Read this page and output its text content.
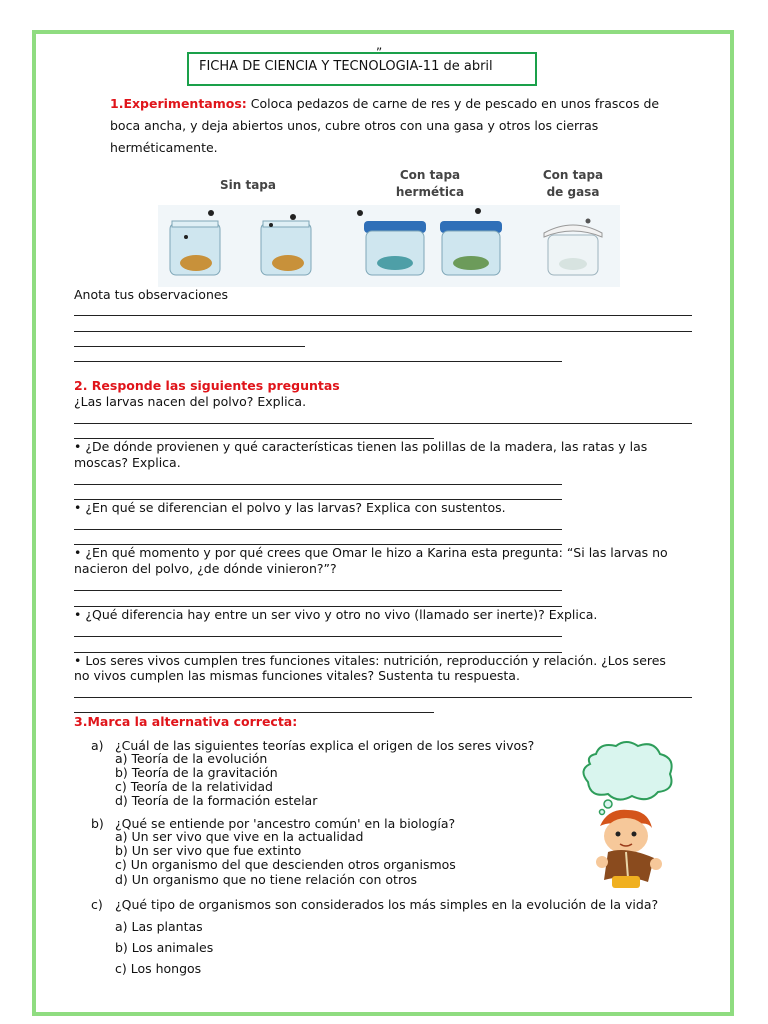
„
FICHA DE CIENCIA Y TECNOLOGIA-11 de abril
1.Experimentamos: Coloca pedazos de carne de res y de pescado en unos frascos de
boca ancha, y deja abiertos unos, cubre otros con una gasa y otros los cierras
herméticamente.
Sin tapa
Con tapa
hermética
Con tapa
de gasa
Anota tus observaciones
2. Responde las siguientes preguntas
¿Las larvas nacen del polvo? Explica.
• ¿De dónde provienen y qué características tienen las polillas de la madera, las ratas y las
moscas? Explica.
• ¿En qué se diferencian el polvo y las larvas? Explica con sustentos.
• ¿En qué momento y por qué crees que Omar le hizo a Karina esta pregunta: “Si las larvas no
nacieron del polvo, ¿de dónde vinieron?”?
• ¿Qué diferencia hay entre un ser vivo y otro no vivo (llamado ser inerte)? Explica.
• Los seres vivos cumplen tres funciones vitales: nutrición, reproducción y relación. ¿Los seres
no vivos cumplen las mismas funciones vitales? Sustenta tu respuesta.
3.Marca la alternativa correcta:
a) ¿Cuál de las siguientes teorías explica el origen de los seres vivos?
a) Teoría de la evolución
b) Teoría de la gravitación
c) Teoría de la relatividad
d) Teoría de la formación estelar
b) ¿Qué se entiende por 'ancestro común' en la biología?
a) Un ser vivo que vive en la actualidad
b) Un ser vivo que fue extinto
c) Un organismo del que descienden otros organismos
d) Un organismo que no tiene relación con otros
c) ¿Qué tipo de organismos son considerados los más simples en la evolución de la vida?
a) Las plantas
b) Los animales
c) Los hongos
